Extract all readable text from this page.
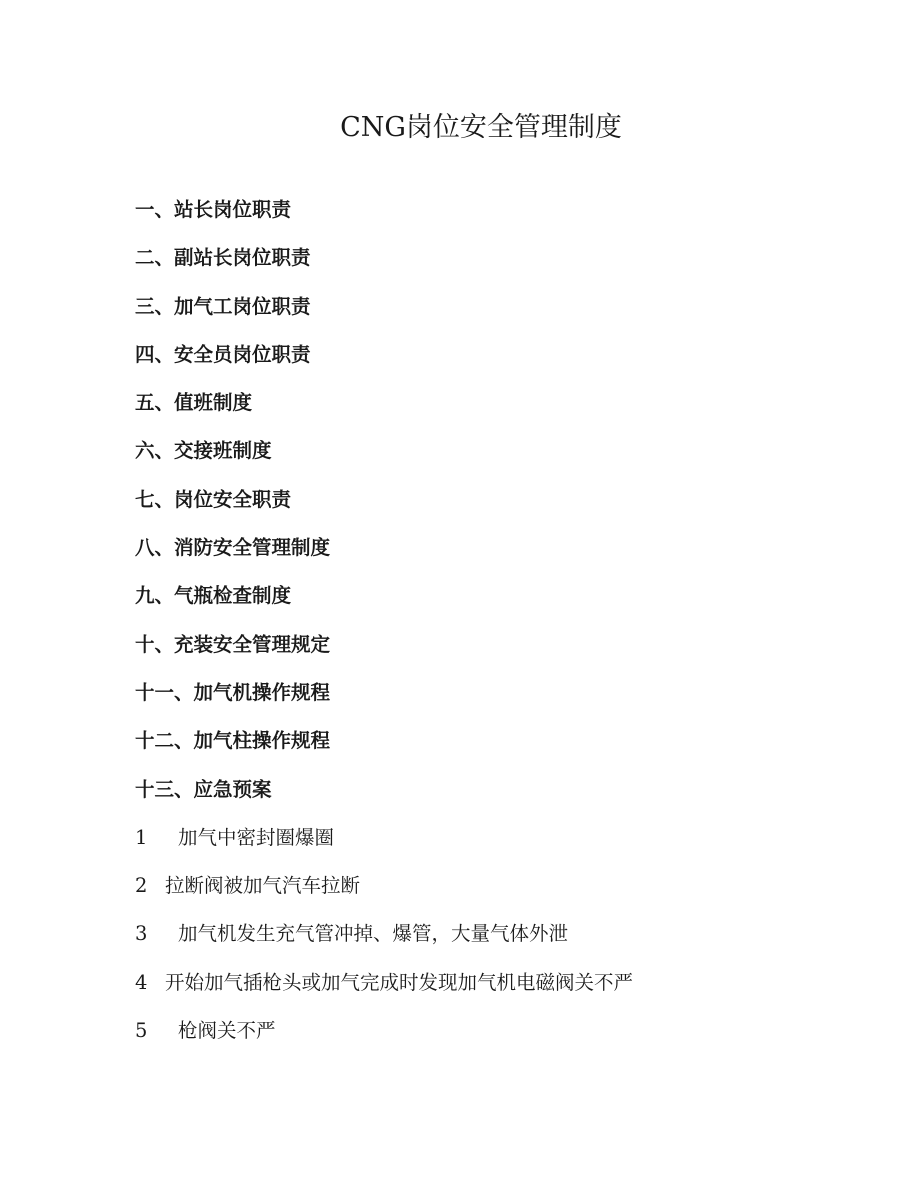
CNG岗位安全管理制度
一、站长岗位职责
二、副站长岗位职责
三、加气工岗位职责
四、安全员岗位职责
五、值班制度
六、交接班制度
七、岗位安全职责
八、消防安全管理制度
九、气瓶检查制度
十、充装安全管理规定
十一、加气机操作规程
十二、加气柱操作规程
十三、应急预案
1 加气中密封圈爆圈
2 拉断阀被加气汽车拉断
3 加气机发生充气管冲掉、爆管，大量气体外泄
4 开始加气插枪头或加气完成时发现加气机电磁阀关不严
5 枪阀关不严
